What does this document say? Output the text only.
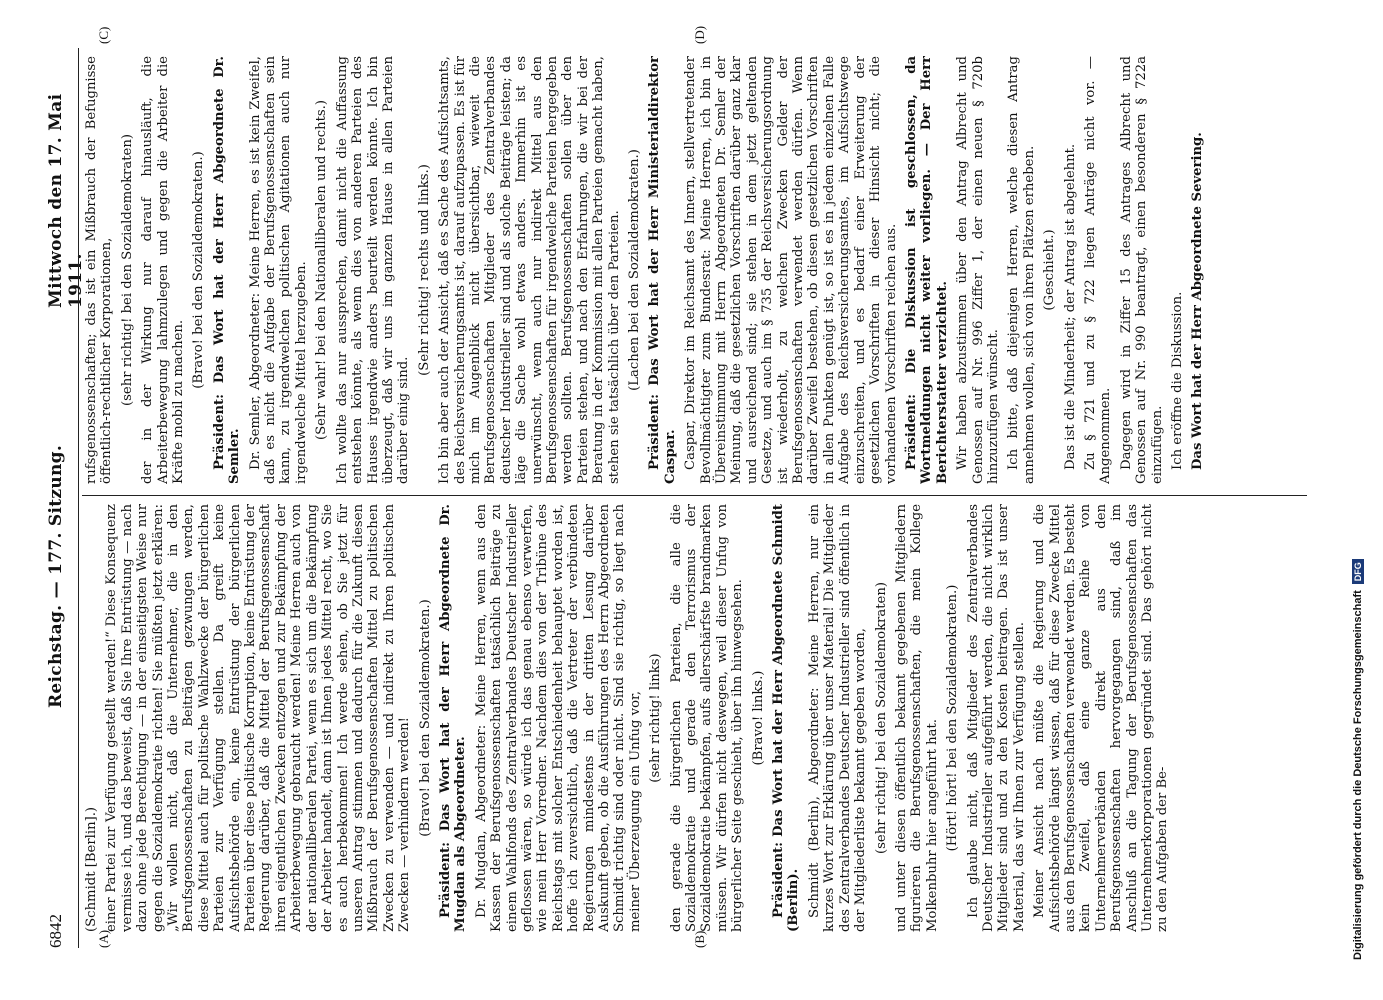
6842
Reichstag. — 177. Sitzung.
Mittwoch den 17. Mai 1911.
(A)	(B)
(C)	(D)

(Schmidt [Berlin].) einer Partei zur Verfügung gestellt werden!“ Diese Konsequenz vermisse ich, und das beweist, daß Sie Ihre Entrüstung — nach dazu ohne jede Berechtigung — in der einseitigsten Weise nur gegen die Sozialdemokratie richten! Sie müßten jetzt erklären: „Wir wollen nicht, daß die Unternehmer, die in den Berufsgenossenschaften zu Beiträgen gezwungen werden, diese Mittel auch für politische Wahlzwecke der bürgerlichen Parteien zur Verfügung stellen. Da greift keine Aufsichtsbehörde ein, keine Entrüstung der bürgerlichen Parteien über diese politische Korruption, keine Entrüstung der Regierung darüber, daß die Mittel der Berufsgenossenschaft ihren eigentlichen Zwecken entzogen und zur Bekämpfung der Arbeiterbewegung gebraucht werden! Meine Herren auch von der nationalliberalen Partei, wenn es sich um die Bekämpfung der Arbeiter handelt, dann ist Ihnen jedes Mittel recht, wo Sie es auch herbekommen! Ich werde sehen, ob Sie jetzt für unseren Antrag stimmen und dadurch für die Zukunft diesen Mißbrauch der Berufsgenossenschaften Mittel zu politischen Zwecken zu verwenden — und indirekt zu Ihren politischen Zwecken — verhindern werden! (Bravo! bei den Sozialdemokraten.) Präsident: Das Wort hat der Herr Abgeordnete Dr. Mugdan als Abgeordneter. Dr. Mugdan, Abgeordneter: Meine Herren, wenn aus den Kassen der Berufsgenossenschaften tatsächlich Beiträge zu einem Wahlfonds des Zentralverbandes Deutscher Industrieller geflossen wären, so würde ich das genau ebenso verwerfen, wie mein Herr Vorredner. Nachdem dies von der Tribüne des Reichstags mit solcher Entschiedenheit behauptet worden ist, hoffe ich zuversichtlich, daß die Vertreter der verbündeten Regierungen mindestens in der dritten Lesung darüber Auskunft geben, ob die Ausführungen des Herrn Abgeordneten Schmidt richtig sind oder nicht. Sind sie richtig, so liegt nach meiner Überzeugung ein Unfug vor, (sehr richtig! links) den gerade die bürgerlichen Parteien, die alle die Sozialdemokratie und gerade den Terrorismus der Sozialdemokratie bekämpfen, aufs allerschärfste brandmarken müssen. Wir dürfen nicht deswegen, weil dieser Unfug von bürgerlicher Seite geschieht, über ihn hinwegsehen. (Bravo! links.) Präsident: Das Wort hat der Herr Abgeordnete Schmidt (Berlin). Schmidt (Berlin), Abgeordneter: Meine Herren, nur ein kurzes Wort zur Erklärung über unser Material! Die Mitglieder des Zentralverbandes Deutscher Industrieller sind öffentlich in der Mitgliederliste bekannt gegeben worden, (sehr richtig! bei den Sozialdemokraten) und unter diesen öffentlich bekannt gegebenen Mitgliedern figurieren die Berufsgenossenschaften, die mein Kollege Molkenbuhr hier angeführt hat. (Hört! hört! bei den Sozialdemokraten.) Ich glaube nicht, daß Mitglieder des Zentralverbandes Deutscher Industrieller aufgeführt werden, die nicht wirklich Mitglieder sind und zu den Kosten beitragen. Das ist unser Material, das wir Ihnen zur Verfügung stellen. Meiner Ansicht nach müßte die Regierung und die Aufsichtsbehörde längst wissen, daß für diese Zwecke Mittel aus den Berufsgenossenschaften verwendet werden. Es besteht kein Zweifel, daß eine ganze Reihe von Unternehmerverbänden direkt aus den Berufsgenossenschaften hervorgegangen sind, daß im Anschluß an die Tagung der Berufsgenossenschaften das Unternehmerkorporationen gegründet sind. Das gehört nicht zu den Aufgaben der Be-

rufsgenossenschaften; das ist ein Mißbrauch der Befugnisse öffentlich-rechtlicher Korporationen, (sehr richtig! bei den Sozialdemokraten) der in der Wirkung nur darauf hinausläuft, die Arbeiterbewegung lahmzulegen und gegen die Arbeiter die Kräfte mobil zu machen.

(Bravo! bei den Sozialdemokraten.) Präsident: Das Wort hat der Herr Abgeordnete Dr. Semler. Dr. Semler, Abgeordneter: Meine Herren, es ist kein Zweifel, daß es nicht die Aufgabe der Berufsgenossenschaften sein kann, zu irgendwelchen politischen Agitationen auch nur irgendwelche Mittel herzugeben. (Sehr wahr! bei den Nationalliberalen und rechts.) Ich wollte das nur aussprechen, damit nicht die Auffassung entstehen könnte, als wenn dies von anderen Parteien des Hauses irgendwie anders beurteilt werden könnte. Ich bin überzeugt, daß wir uns im ganzen Hause in allen Parteien darüber einig sind.

(Sehr richtig! rechts und links.) Ich bin aber auch der Ansicht, daß es Sache des Aufsichtsamts, des Reichsversicherungsamts ist, darauf aufzupassen. Es ist für mich im Augenblick nicht übersichtbar, wieweit die Berufsgenossenschaften Mitglieder des Zentralverbandes deutscher Industrieller sind und als solche Beiträge leisten; da läge die Sache wohl etwas anders. Immerhin ist es unerwünscht, wenn auch nur indirekt Mittel aus den Berufsgenossenschaften für irgendwelche Parteien hergegeben werden sollten. Berufsgenossenschaften sollen über den Parteien stehen, und nach den Erfahrungen, die wir bei der Beratung in der Kommission mit allen Parteien gemacht haben, stehen sie tatsächlich über den Parteien. (Lachen bei den Sozialdemokraten.) Präsident: Das Wort hat der Herr Ministerialdirektor Caspar. Caspar, Direktor im Reichsamt des Innern, stellvertretender Bevollmächtigter zum Bundesrat: Meine Herren, ich bin in Übereinstimmung mit Herrn Abgeordneten Dr. Semler der Meinung, daß die gesetzlichen Vorschriften darüber ganz klar und ausreichend sind; sie stehen in dem jetzt geltenden Gesetze, und auch im § 735 der Reichsversicherungsordnung ist wiederholt, zu welchen Zwecken Gelder der Berufsgenossenschaften verwendet werden dürfen. Wenn darüber Zweifel bestehen, ob diesen gesetzlichen Vorschriften in allen Punkten genügt ist, so ist es in jedem einzelnen Falle Aufgabe des Reichsversicherungsamtes, im Aufsichtswege einzuschreiten, und es bedarf einer Erweiterung der gesetzlichen Vorschriften in dieser Hinsicht nicht; die vorhandenen Vorschriften reichen aus. Präsident: Die Diskussion ist geschlossen, da Wortmeldungen nicht weiter vorliegen. — Der Herr Berichterstatter verzichtet. Wir haben abzustimmen über den Antrag Albrecht und Genossen auf Nr. 996 Ziffer 1, der einen neuen § 720b hinzuzufügen wünscht. Ich bitte, daß diejenigen Herren, welche diesen Antrag annehmen wollen, sich von ihren Plätzen erheben. (Geschieht.) Das ist die Minderheit; der Antrag ist abgelehnt. Zu § 721 und zu § 722 liegen Anträge nicht vor. — Angenommen. Dagegen wird in Ziffer 15 des Antrages Albrecht und Genossen auf Nr. 990 beantragt, einen besonderen § 722a einzufügen. Ich eröffne die Diskussion. Das Wort hat der Herr Abgeordnete Severing.

Digitalisierung gefördert durch die Deutsche Forschungsgemeinschaft
DFG
